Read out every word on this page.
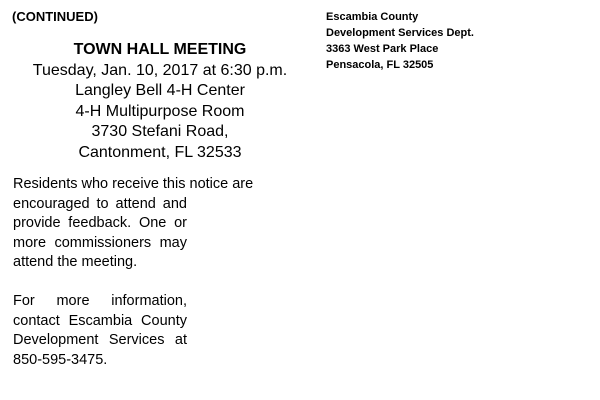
(CONTINUED)
TOWN HALL MEETING
Tuesday, Jan. 10, 2017 at 6:30 p.m.
Langley Bell 4-H Center
4-H Multipurpose Room
3730 Stefani Road,
Cantonment, FL 32533

Residents who receive this notice are

encouraged to attend and provide feedback. One or more commissioners may attend the meeting.

For more information, contact Escambia County Development Services at 850-595-3475.

Escambia County
Development Services Dept.
3363 West Park Place
Pensacola, FL 32505
